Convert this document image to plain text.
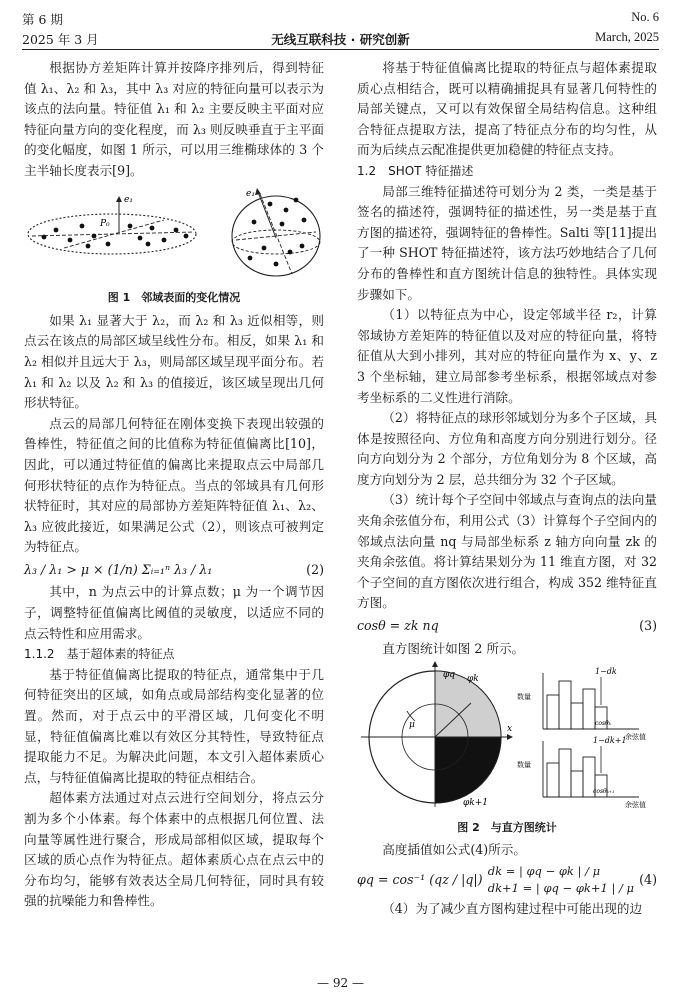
第 6 期
2025 年 3 月	无线互联科技 · 研究创新
No. 6
March, 2025

根据协方差矩阵计算并按降序排列后，得到特征值 λ₁、λ₂ 和 λ₃，其中 λ₃ 对应的特征向量可以表示为该点的法向量。特征值 λ₁ 和 λ₂ 主要反映主平面对应特征向量方向的变化程度，而 λ₃ 则反映垂直于主平面的变化幅度，如图 1 所示，可以用三维椭球体的 3 个主半轴长度表示[9]。

e₁
P₀
e₁
图 1　邻域表面的变化情况

如果 λ₁ 显著大于 λ₂，而 λ₂ 和 λ₃ 近似相等，则点云在该点的局部区域呈线性分布。相反，如果 λ₁ 和 λ₂ 相似并且远大于 λ₃，则局部区域呈现平面分布。若 λ₁ 和 λ₂ 以及 λ₂ 和 λ₃ 的值接近，该区域呈现出几何形状特征。

点云的局部几何特征在刚体变换下表现出较强的鲁棒性，特征值之间的比值称为特征值偏离比[10]，因此，可以通过特征值的偏离比来提取点云中局部几何形状特征的点作为特征点。当点的邻域具有几何形状特征时，其对应的局部协方差矩阵特征值 λ₁、λ₂、λ₃ 应彼此接近，如果满足公式（2），则该点可被判定为特征点。

λ₃ / λ₁ > μ × (1/n) Σᵢ₌₁ⁿ λ₃ / λ₁	(2)

其中，n 为点云中的计算点数；μ 为一个调节因子，调整特征值偏离比阈值的灵敏度，以适应不同的点云特性和应用需求。

1.1.2　基于超体素的特征点

基于特征值偏离比提取的特征点，通常集中于几何特征突出的区域，如角点或局部结构变化显著的位置。然而，对于点云中的平滑区域，几何变化不明显，特征值偏离比难以有效区分其特性，导致特征点提取能力不足。为解决此问题，本文引入超体素质心点，与特征值偏离比提取的特征点相结合。

超体素方法通过对点云进行空间划分，将点云分割为多个小体素。每个体素中的点根据几何位置、法向量等属性进行聚合，形成局部相似区域，提取每个区域的质心点作为特征点。超体素质心点在点云中的分布均匀，能够有效表达全局几何特征，同时具有较强的抗噪能力和鲁棒性。

将基于特征值偏离比提取的特征点与超体素提取质心点相结合，既可以精确捕捉具有显著几何特性的局部关键点，又可以有效保留全局结构信息。这种组合特征点提取方法，提高了特征点分布的均匀性，从而为后续点云配准提供更加稳健的特征点支持。

1.2　SHOT 特征描述

局部三维特征描述符可划分为 2 类，一类是基于签名的描述符，强调特征的描述性，另一类是基于直方图的描述符，强调特征的鲁棒性。Salti 等[11]提出了一种 SHOT 特征描述符，该方法巧妙地结合了几何分布的鲁棒性和直方图统计信息的独特性。具体实现步骤如下。

（1）以特征点为中心，设定邻域半径 r₂，计算邻域协方差矩阵的特征值以及对应的特征向量，将特征值从大到小排列，其对应的特征向量作为 x、y、z 3 个坐标轴，建立局部参考坐标系，根据邻域点对参考坐标系的二义性进行消除。

（2）将特征点的球形邻域划分为多个子区域，具体是按照径向、方位角和高度方向分别进行划分。径向方向划分为 2 个部分，方位角划分为 8 个区域，高度方向划分为 2 层，总共细分为 32 个子区域。

（3）统计每个子空间中邻域点与查询点的法向量夹角余弦值分布，利用公式（3）计算每个子空间内的邻域点法向量 nq 与局部坐标系 z 轴方向向量 zk 的夹角余弦值。将计算结果划分为 11 维直方图，对 32 个子空间的直方图依次进行组合，构成 352 维特征直方图。

cosθ = zk nq	(3)

直方图统计如图 2 所示。

φq φk
μ	x
φk+1
数量
余弦值
1−dk
cosθₖ
数量
余弦值
1−dk+1
cosθₖ₊₁
图 2　与直方图统计

高度插值如公式(4)所示。

φq = cos⁻¹ (qz / |q|)
dk = | φq − φk | / μ
dk+1 = | φq − φk+1 | / μ
(4)

（4）为了减少直方图构建过程中可能出现的边

— 92 —
